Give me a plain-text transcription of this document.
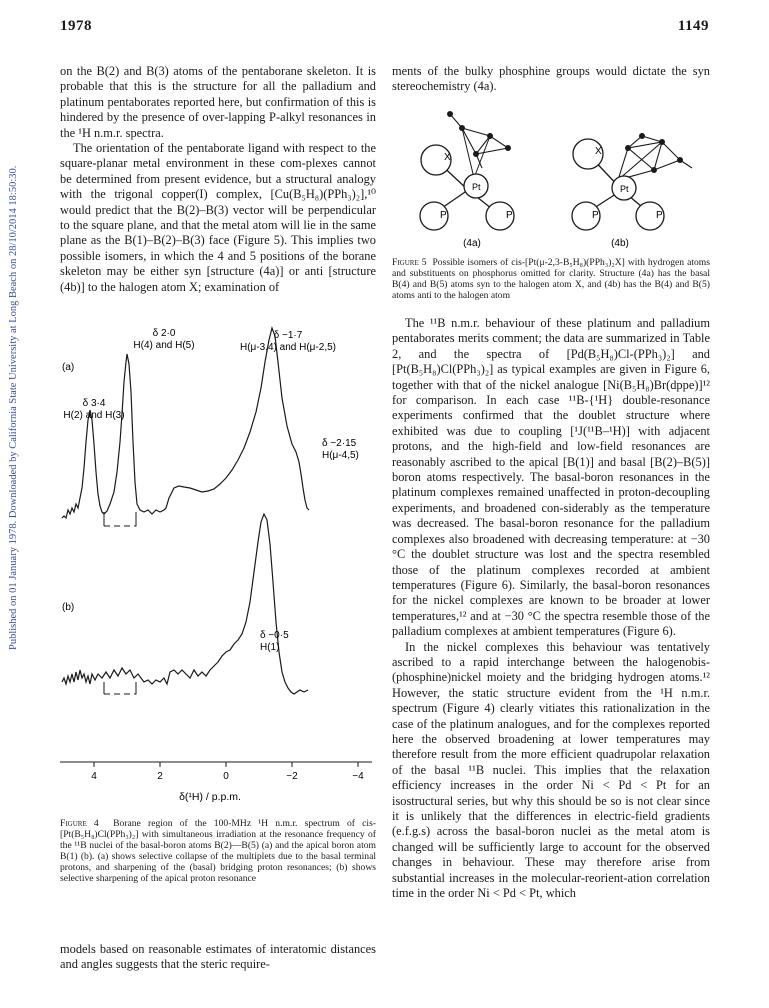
Published on 01 January 1978. Downloaded by California State University at Long Beach on 28/10/2014 18:50:30.
1978	1149

on the B(2) and B(3) atoms of the pentaborane skeleton. It is probable that this is the structure for all the palladium and platinum pentaborates reported here, but confirmation of this is hindered by the presence of over-lapping P-alkyl resonances in the ¹H n.m.r. spectra.

The orientation of the pentaborate ligand with respect to the square-planar metal environment in these com-plexes cannot be determined from present evidence, but a structural analogy with the trigonal copper(I) complex, [Cu(B₅H₈)(PPh₃)₂],¹⁰ would predict that the B(2)–B(3) vector will be perpendicular to the square plane, and that the metal atom will lie in the same plane as the B(1)–B(2)–B(3) face (Figure 5). This implies two possible isomers, in which the 4 and 5 positions of the borane skeleton may be either syn [structure (4a)] or anti [structure (4b)] to the halogen atom X; examination of

δ 2·0
H(4) and H(5)
δ −1·7
H(μ-3,4) and H(μ-2,5)
(a)
δ 3·4
H(2) and H(3)
δ −2·15
H(μ-4,5)
(b)
δ −0·5
H(1)
4	2	0	−2	−4
δ(¹H) / p.p.m.
Figure 4 Borane region of the 100-MHz ¹H n.m.r. spectrum of cis-[Pt(B₅H₈)Cl(PPh₃)₂] with simultaneous irradiation at the resonance frequency of the ¹¹B nuclei of the basal-boron atoms B(2)—B(5) (a) and the apical boron atom B(1) (b). (a) shows selective collapse of the multiplets due to the basal terminal protons, and sharpening of the (basal) bridging proton resonances; (b) shows selective sharpening of the apical proton resonance

models based on reasonable estimates of interatomic distances and angles suggests that the steric require-

ments of the bulky phosphine groups would dictate the syn stereochemistry (4a).

X
Pt
P	P
(4a)
X
Pt
P	P
(4b)
Figure 5 Possible isomers of cis-[Pt(μ-2,3-B₅H₈)(PPh₃)₂X] with hydrogen atoms and substituents on phosphorus omitted for clarity. Structure (4a) has the basal B(4) and B(5) atoms syn to the halogen atom X, and (4b) has the B(4) and B(5) atoms anti to the halogen atom

The ¹¹B n.m.r. behaviour of these platinum and palladium pentaborates merits comment; the data are summarized in Table 2, and the spectra of [Pd(B₅H₈)Cl-(PPh₃)₂] and [Pt(B₅H₈)Cl(PPh₃)₂] as typical examples are given in Figure 6, together with that of the nickel analogue [Ni(B₅H₈)Br(dppe)]¹² for comparison. In each case ¹¹B-{¹H} double-resonance experiments confirmed that the doublet structure where exhibited was due to coupling [¹J(¹¹B–¹H)] with adjacent protons, and the high-field and low-field resonances are reasonably ascribed to the apical [B(1)] and basal [B(2)–B(5)] boron atoms respectively. The basal-boron resonances in the platinum complexes remained unaffected in proton-decoupling experiments, and broadened con-siderably as the temperature was decreased. The basal-boron resonance for the palladium complexes also broadened with decreasing temperature: at −30 °C the doublet structure was lost and the spectra resembled those of the platinum complexes recorded at ambient temperatures (Figure 6). Similarly, the basal-boron resonances for the nickel complexes are known to be broader at lower temperatures,¹² and at −30 °C the spectra resemble those of the palladium complexes at ambient temperatures (Figure 6).

In the nickel complexes this behaviour was tentatively ascribed to a rapid interchange between the halogenobis-(phosphine)nickel moiety and the bridging hydrogen atoms.¹² However, the static structure evident from the ¹H n.m.r. spectrum (Figure 4) clearly vitiates this rationalization in the case of the platinum analogues, and for the complexes reported here the observed broadening at lower temperatures may therefore result from the more efficient quadrupolar relaxation of the basal ¹¹B nuclei. This implies that the relaxation efficiency increases in the order Ni < Pd < Pt for an isostructural series, but why this should be so is not clear since it is unlikely that the differences in electric-field gradients (e.f.g.s) across the basal-boron nuclei as the metal atom is changed will be sufficiently large to account for the observed changes in behaviour. These may therefore arise from substantial increases in the molecular-reorient-ation correlation time in the order Ni < Pd < Pt, which
